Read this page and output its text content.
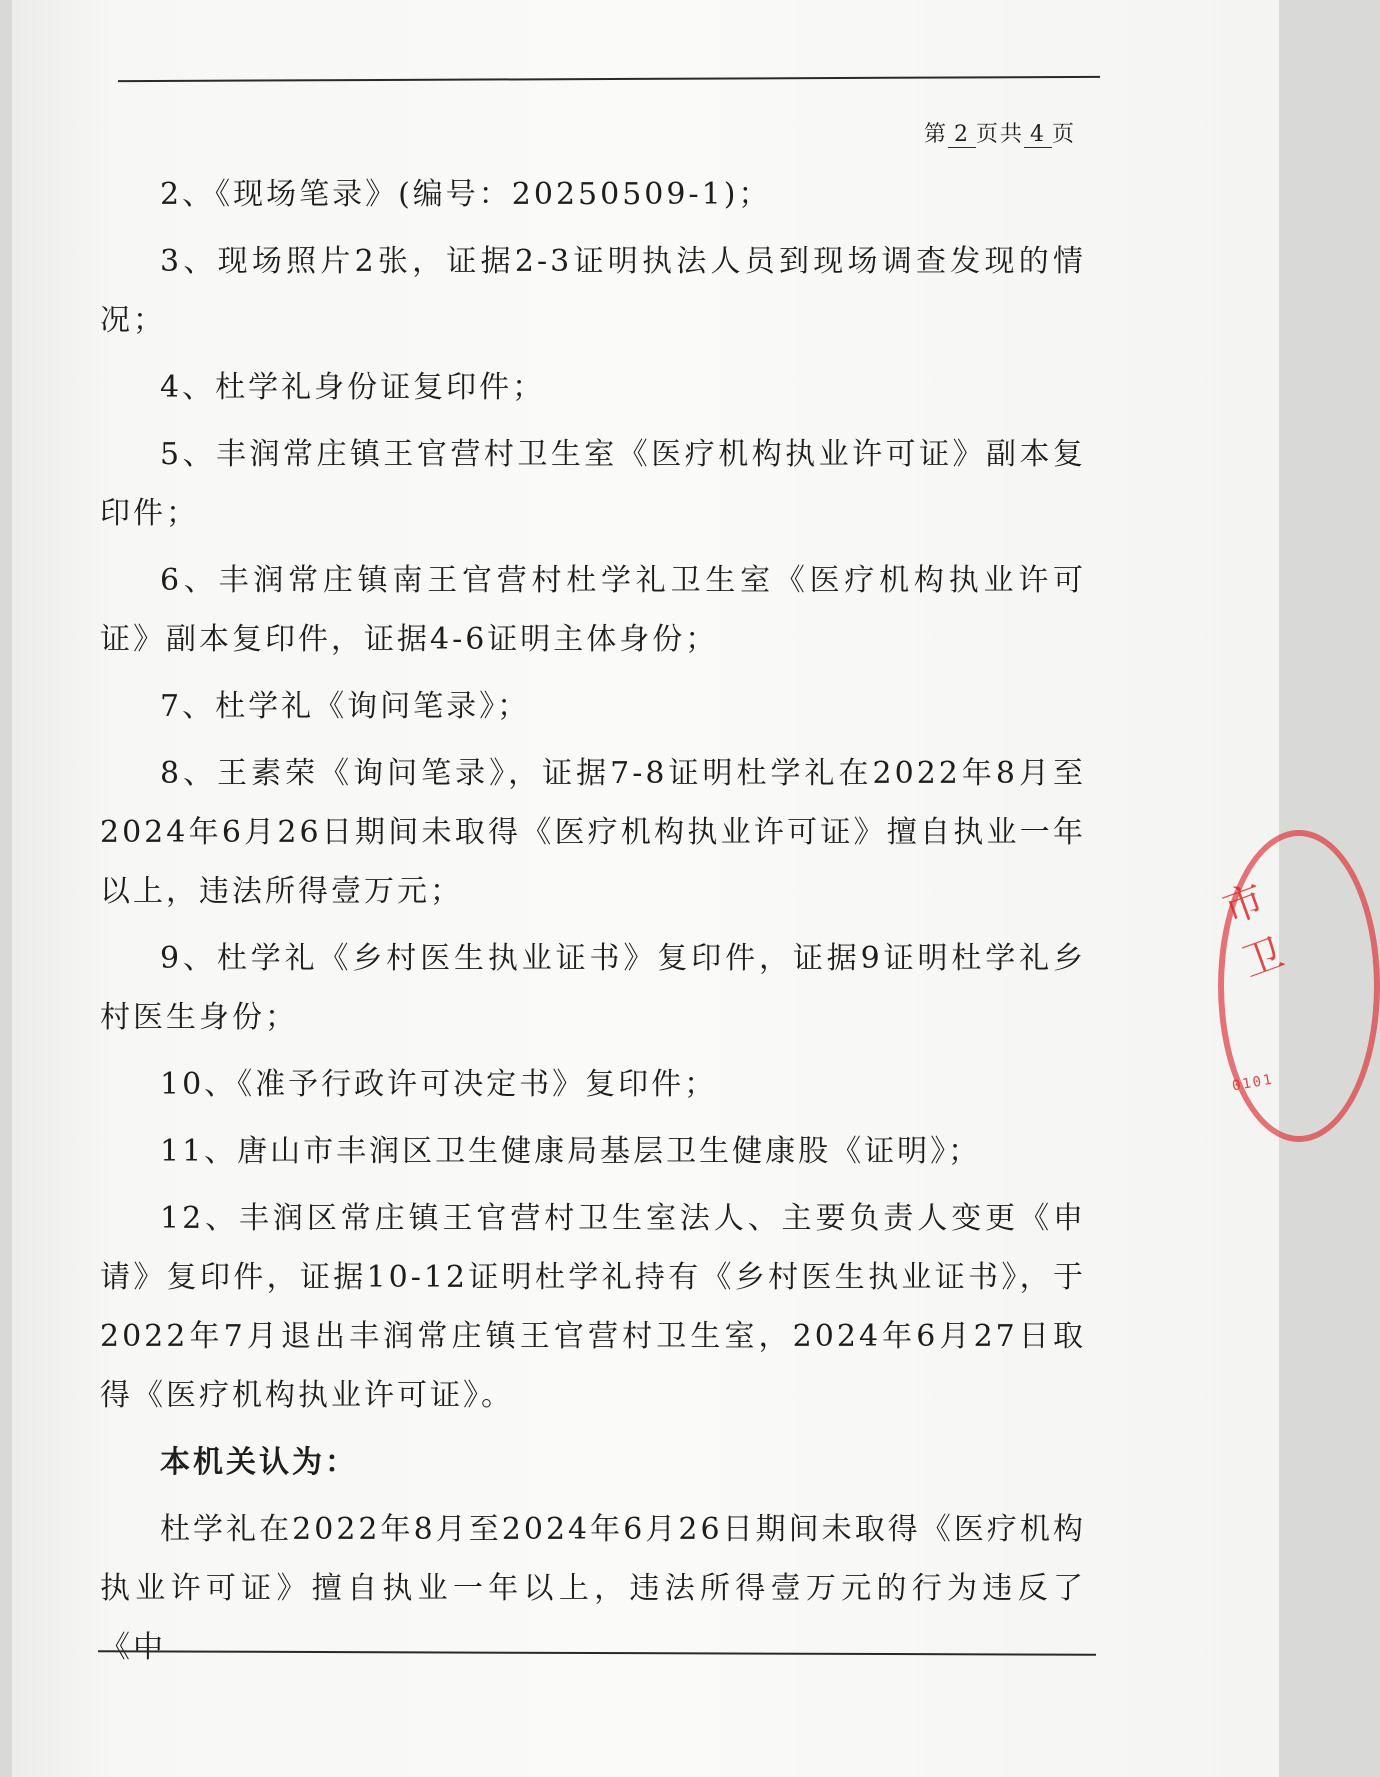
第 2 页共 4 页

2、《现场笔录》(编号：20250509-1)；

3、现场照片2张，证据2-3证明执法人员到现场调查发现的情况；

4、杜学礼身份证复印件；

5、丰润常庄镇王官营村卫生室《医疗机构执业许可证》副本复印件；

6、丰润常庄镇南王官营村杜学礼卫生室《医疗机构执业许可证》副本复印件，证据4-6证明主体身份；

7、杜学礼《询问笔录》；

8、王素荣《询问笔录》，证据7-8证明杜学礼在2022年8月至2024年6月26日期间未取得《医疗机构执业许可证》擅自执业一年以上，违法所得壹万元；

9、杜学礼《乡村医生执业证书》复印件，证据9证明杜学礼乡村医生身份；

10、《准予行政许可决定书》复印件；

11、唐山市丰润区卫生健康局基层卫生健康股《证明》；

12、丰润区常庄镇王官营村卫生室法人、主要负责人变更《申请》复印件，证据10-12证明杜学礼持有《乡村医生执业证书》，于2022年7月退出丰润常庄镇王官营村卫生室，2024年6月27日取得《医疗机构执业许可证》。

本机关认为：

杜学礼在2022年8月至2024年6月26日期间未取得《医疗机构执业许可证》擅自执业一年以上，违法所得壹万元的行为违反了《中

市卫
0101
